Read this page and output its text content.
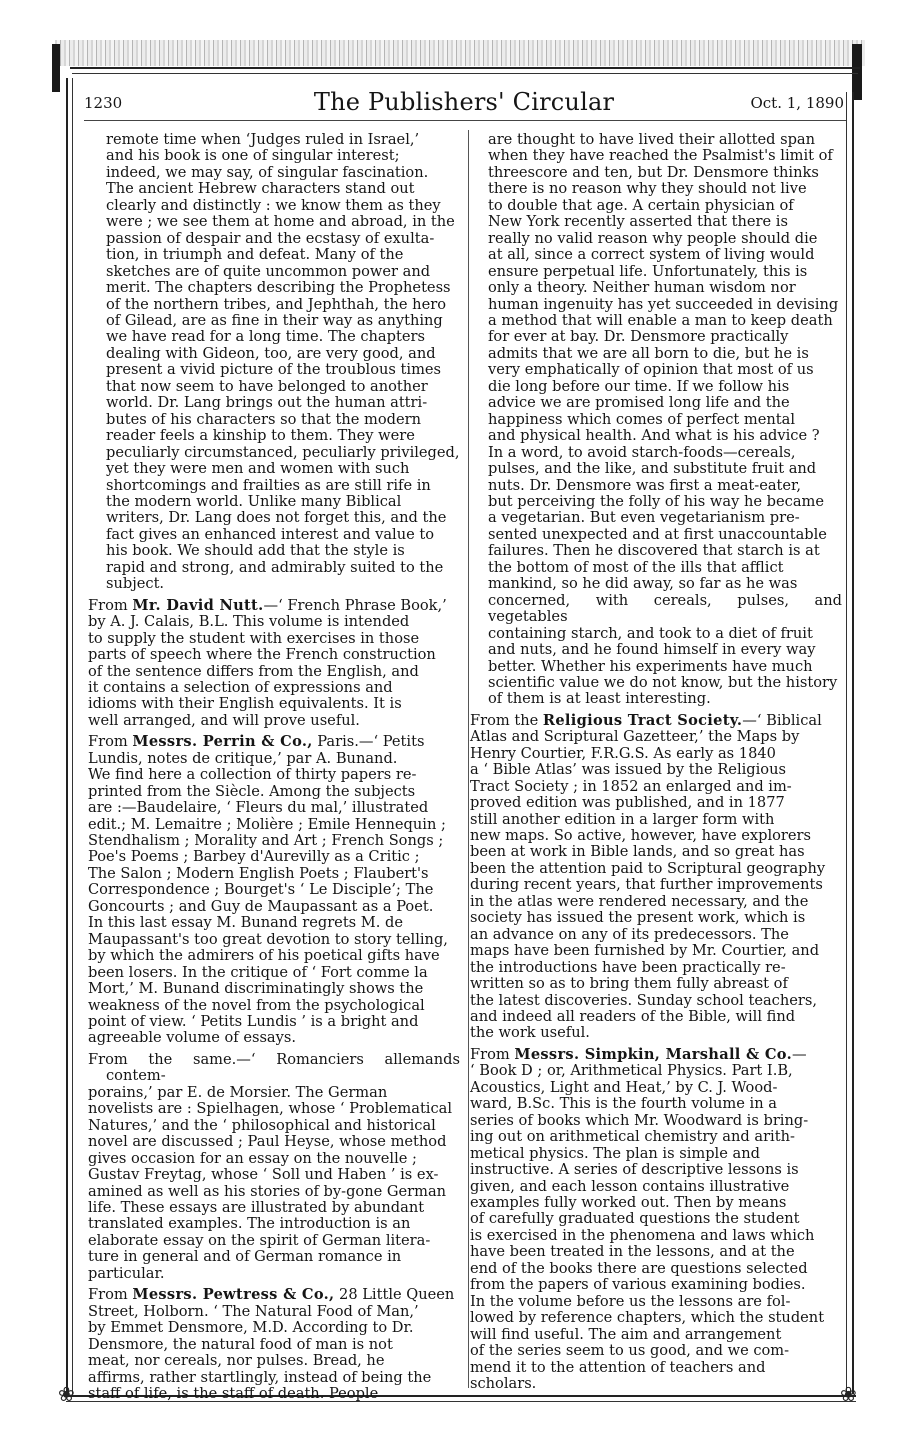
❀	❀
1230	The Publishers' Circular	Oct. 1, 1890
remote time when ‘Judges ruled in Israel,’
and his book is one of singular interest;
indeed, we may say, of singular fascination.
The ancient Hebrew characters stand out
clearly and distinctly : we know them as they
were ; we see them at home and abroad, in the
passion of despair and the ecstasy of exulta-
tion, in triumph and defeat. Many of the
sketches are of quite uncommon power and
merit. The chapters describing the Prophetess
of the northern tribes, and Jephthah, the hero
of Gilead, are as fine in their way as anything
we have read for a long time. The chapters
dealing with Gideon, too, are very good, and
present a vivid picture of the troublous times
that now seem to have belonged to another
world. Dr. Lang brings out the human attri-
butes of his characters so that the modern
reader feels a kinship to them. They were
peculiarly circumstanced, peculiarly privileged,
yet they were men and women with such
shortcomings and frailties as are still rife in
the modern world. Unlike many Biblical
writers, Dr. Lang does not forget this, and the
fact gives an enhanced interest and value to
his book. We should add that the style is
rapid and strong, and admirably suited to the
subject.
From Mr. David Nutt.—‘ French Phrase Book,’
by A. J. Calais, B.L. This volume is intended
to supply the student with exercises in those
parts of speech where the French construction
of the sentence differs from the English, and
it contains a selection of expressions and
idioms with their English equivalents. It is
well arranged, and will prove useful.
From Messrs. Perrin & Co., Paris.—‘ Petits
Lundis, notes de critique,’ par A. Bunand.
We find here a collection of thirty papers re-
printed from the Siècle. Among the subjects
are :—Baudelaire, ‘ Fleurs du mal,’ illustrated
edit.; M. Lemaitre ; Molière ; Emile Hennequin ;
Stendhalism ; Morality and Art ; French Songs ;
Poe's Poems ; Barbey d'Aurevilly as a Critic ;
The Salon ; Modern English Poets ; Flaubert's
Correspondence ; Bourget's ‘ Le Disciple’; The
Goncourts ; and Guy de Maupassant as a Poet.
In this last essay M. Bunand regrets M. de
Maupassant's too great devotion to story telling,
by which the admirers of his poetical gifts have
been losers. In the critique of ‘ Fort comme la
Mort,’ M. Bunand discriminatingly shows the
weakness of the novel from the psychological
point of view. ‘ Petits Lundis ’ is a bright and
agreeable volume of essays.
From the same.—‘ Romanciers allemands contem-
porains,’ par E. de Morsier. The German
novelists are : Spielhagen, whose ‘ Problematical
Natures,’ and the ‘ philosophical and historical
novel are discussed ; Paul Heyse, whose method
gives occasion for an essay on the nouvelle ;
Gustav Freytag, whose ‘ Soll und Haben ’ is ex-
amined as well as his stories of by-gone German
life. These essays are illustrated by abundant
translated examples. The introduction is an
elaborate essay on the spirit of German litera-
ture in general and of German romance in
particular.
From Messrs. Pewtress & Co., 28 Little Queen
Street, Holborn. ‘ The Natural Food of Man,’
by Emmet Densmore, M.D. According to Dr.
Densmore, the natural food of man is not
meat, nor cereals, nor pulses. Bread, he
affirms, rather startlingly, instead of being the
staff of life, is the staff of death. People
are thought to have lived their allotted span
when they have reached the Psalmist's limit of
threescore and ten, but Dr. Densmore thinks
there is no reason why they should not live
to double that age. A certain physician of
New York recently asserted that there is
really no valid reason why people should die
at all, since a correct system of living would
ensure perpetual life. Unfortunately, this is
only a theory. Neither human wisdom nor
human ingenuity has yet succeeded in devising
a method that will enable a man to keep death
for ever at bay. Dr. Densmore practically
admits that we are all born to die, but he is
very emphatically of opinion that most of us
die long before our time. If we follow his
advice we are promised long life and the
happiness which comes of perfect mental
and physical health. And what is his advice ?
In a word, to avoid starch-foods—cereals,
pulses, and the like, and substitute fruit and
nuts. Dr. Densmore was first a meat-eater,
but perceiving the folly of his way he became
a vegetarian. But even vegetarianism pre-
sented unexpected and at first unaccountable
failures. Then he discovered that starch is at
the bottom of most of the ills that afflict
mankind, so he did away, so far as he was
concerned, with cereals, pulses, and vegetables
containing starch, and took to a diet of fruit
and nuts, and he found himself in every way
better. Whether his experiments have much
scientific value we do not know, but the history
of them is at least interesting.
From the Religious Tract Society.—‘ Biblical
Atlas and Scriptural Gazetteer,’ the Maps by
Henry Courtier, F.R.G.S. As early as 1840
a ‘ Bible Atlas’ was issued by the Religious
Tract Society ; in 1852 an enlarged and im-
proved edition was published, and in 1877
still another edition in a larger form with
new maps. So active, however, have explorers
been at work in Bible lands, and so great has
been the attention paid to Scriptural geography
during recent years, that further improvements
in the atlas were rendered necessary, and the
society has issued the present work, which is
an advance on any of its predecessors. The
maps have been furnished by Mr. Courtier, and
the introductions have been practically re-
written so as to bring them fully abreast of
the latest discoveries. Sunday school teachers,
and indeed all readers of the Bible, will find
the work useful.
From Messrs. Simpkin, Marshall & Co.—
‘ Book D ; or, Arithmetical Physics. Part I.B,
Acoustics, Light and Heat,’ by C. J. Wood-
ward, B.Sc. This is the fourth volume in a
series of books which Mr. Woodward is bring-
ing out on arithmetical chemistry and arith-
metical physics. The plan is simple and
instructive. A series of descriptive lessons is
given, and each lesson contains illustrative
examples fully worked out. Then by means
of carefully graduated questions the student
is exercised in the phenomena and laws which
have been treated in the lessons, and at the
end of the books there are questions selected
from the papers of various examining bodies.
In the volume before us the lessons are fol-
lowed by reference chapters, which the student
will find useful. The aim and arrangement
of the series seem to us good, and we com-
mend it to the attention of teachers and
scholars.
